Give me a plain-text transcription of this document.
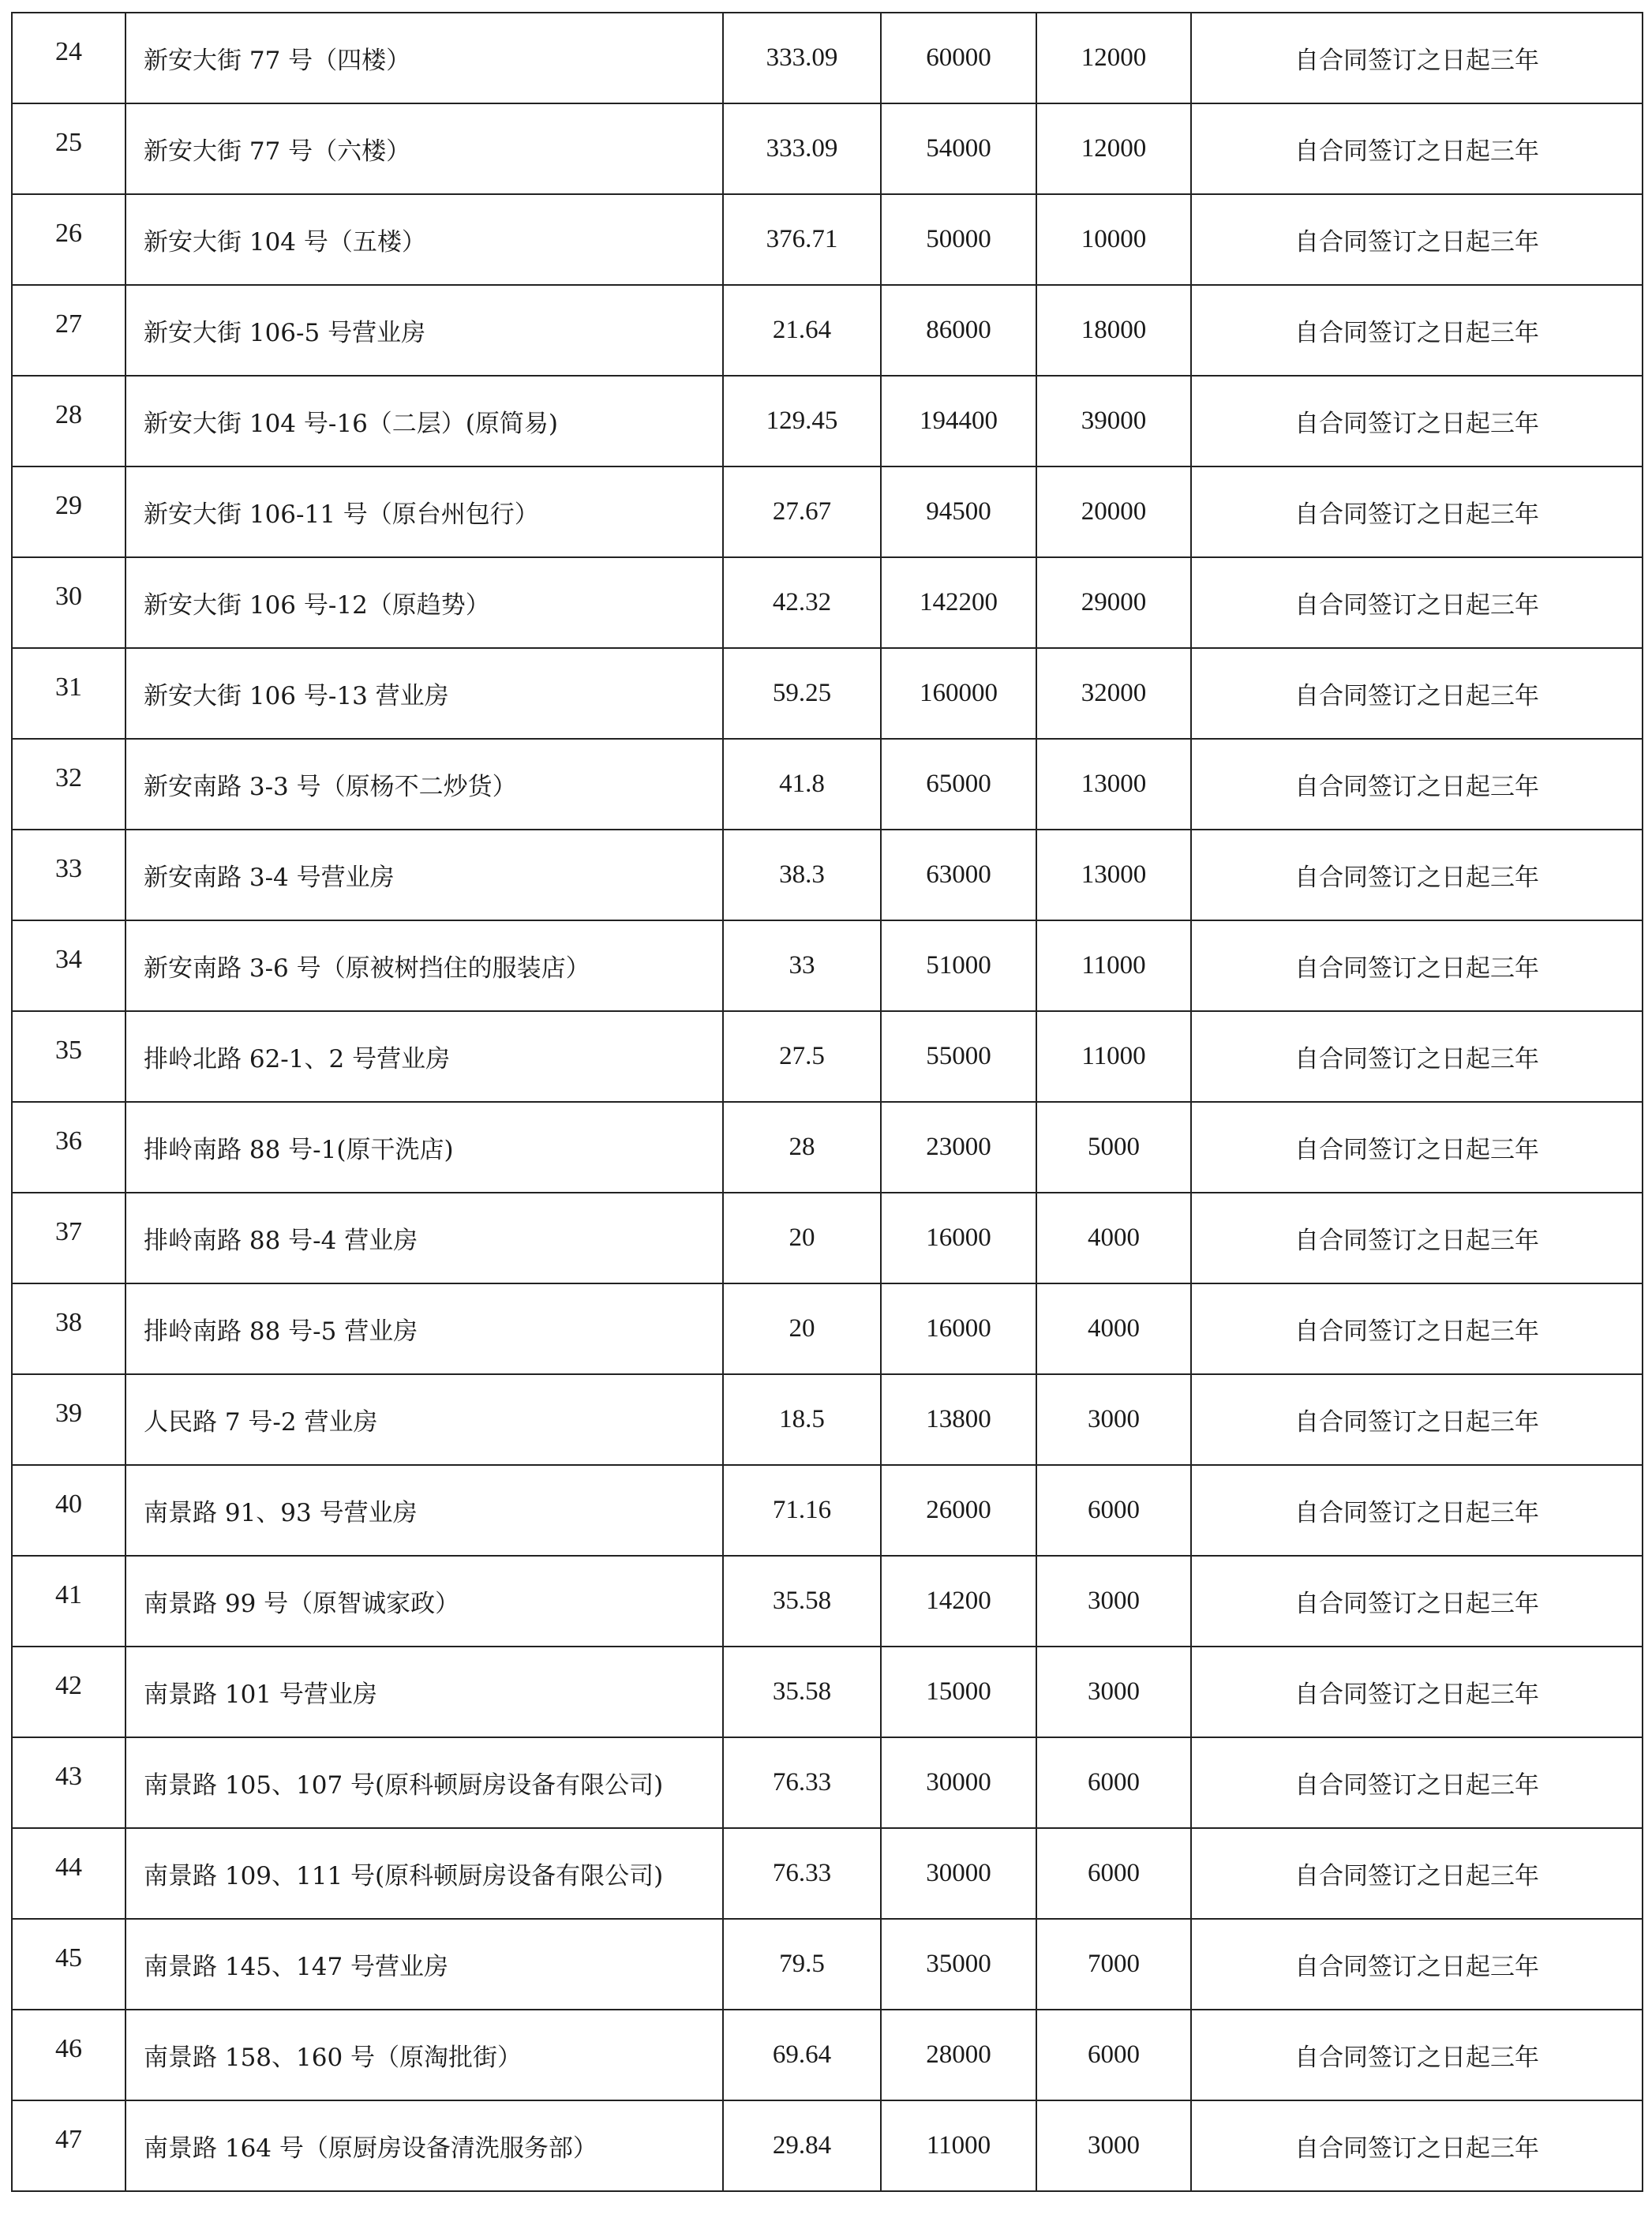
24	新安大街 77 号（四楼）	333.09	60000	12000	自合同签订之日起三年
25	新安大街 77 号（六楼）	333.09	54000	12000	自合同签订之日起三年
26	新安大街 104 号（五楼）	376.71	50000	10000	自合同签订之日起三年
27	新安大街 106-5 号营业房	21.64	86000	18000	自合同签订之日起三年
28	新安大街 104 号-16（二层）(原简易)	129.45	194400	39000	自合同签订之日起三年
29	新安大街 106-11 号（原台州包行）	27.67	94500	20000	自合同签订之日起三年
30	新安大街 106 号-12（原趋势）	42.32	142200	29000	自合同签订之日起三年
31	新安大街 106 号-13 营业房	59.25	160000	32000	自合同签订之日起三年
32	新安南路 3-3 号（原杨不二炒货）	41.8	65000	13000	自合同签订之日起三年
33	新安南路 3-4 号营业房	38.3	63000	13000	自合同签订之日起三年
34	新安南路 3-6 号（原被树挡住的服装店）	33	51000	11000	自合同签订之日起三年
35	排岭北路 62-1、2 号营业房	27.5	55000	11000	自合同签订之日起三年
36	排岭南路 88 号-1(原干洗店)	28	23000	5000	自合同签订之日起三年
37	排岭南路 88 号-4 营业房	20	16000	4000	自合同签订之日起三年
38	排岭南路 88 号-5 营业房	20	16000	4000	自合同签订之日起三年
39	人民路 7 号-2 营业房	18.5	13800	3000	自合同签订之日起三年
40	南景路 91、93 号营业房	71.16	26000	6000	自合同签订之日起三年
41	南景路 99 号（原智诚家政）	35.58	14200	3000	自合同签订之日起三年
42	南景路 101 号营业房	35.58	15000	3000	自合同签订之日起三年
43	南景路 105、107 号(原科顿厨房设备有限公司)	76.33	30000	6000	自合同签订之日起三年
44	南景路 109、111 号(原科顿厨房设备有限公司)	76.33	30000	6000	自合同签订之日起三年
45	南景路 145、147 号营业房	79.5	35000	7000	自合同签订之日起三年
46	南景路 158、160 号（原淘批街）	69.64	28000	6000	自合同签订之日起三年
47	南景路 164 号（原厨房设备清洗服务部）	29.84	11000	3000	自合同签订之日起三年
